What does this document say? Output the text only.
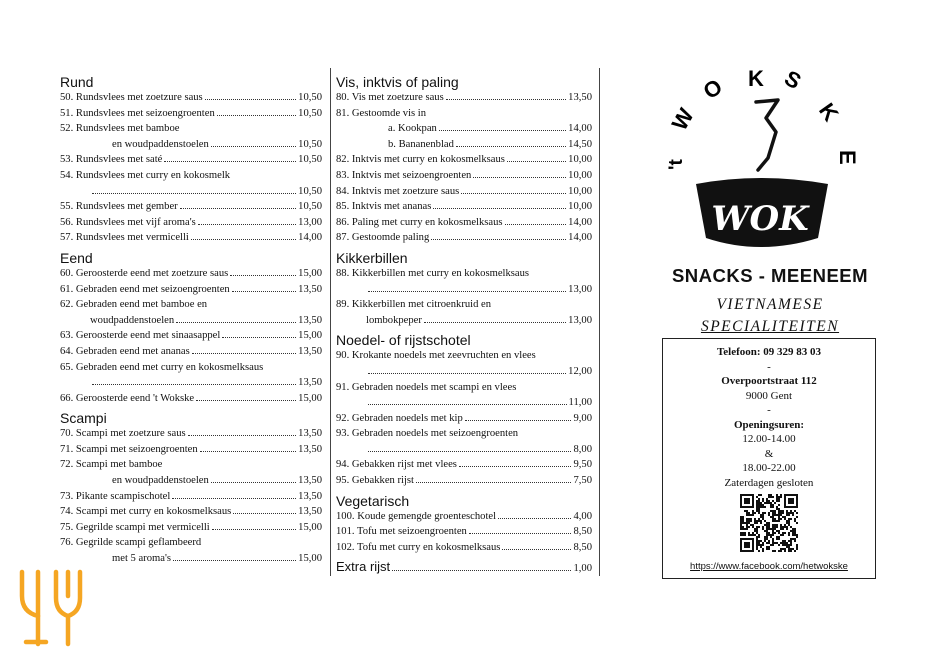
Rund
50. Rundsvlees met zoetzure saus	10,50
51. Rundsvlees met seizoengroenten	10,50
52. Rundsvlees met bamboe
en woudpaddenstoelen	10,50
53. Rundsvlees met saté	10,50
54. Rundsvlees met curry en kokosmelk
10,50
55. Rundsvlees met gember	10,50
56. Rundsvlees met vijf aroma's	13,00
57. Rundsvlees met vermicelli	14,00
Eend
60. Geroosterde eend met zoetzure saus	15,00
61. Gebraden eend met seizoengroenten	13,50
62. Gebraden eend met bamboe en
woudpaddenstoelen	13,50
63. Geroosterde eend met sinaasappel	15,00
64. Gebraden eend met ananas	13,50
65. Gebraden eend met curry en kokosmelksaus
13,50
66. Geroosterde eend 't Wokske	15,00
Scampi
70. Scampi met zoetzure saus	13,50
71. Scampi met seizoengroenten	13,50
72. Scampi met bamboe
en woudpaddenstoelen	13,50
73. Pikante scampischotel	13,50
74. Scampi met curry en kokosmelksaus	13,50
75. Gegrilde scampi met vermicelli	15,00
76. Gegrilde scampi geflambeerd
met 5 aroma's	15,00
Vis, inktvis of paling
80. Vis met zoetzure saus	13,50
81. Gestoomde vis in
a. Kookpan	14,00
b. Bananenblad	14,50
82. Inktvis met curry en kokosmelksaus	10,00
83. Inktvis met seizoengroenten	10,00
84. Inktvis met zoetzure saus	10,00
85. Inktvis met ananas	10,00
86. Paling met curry en kokosmelksaus	14,00
87. Gestoomde paling	14,00
Kikkerbillen
88. Kikkerbillen met curry en kokosmelksaus
13,00
89. Kikkerbillen met citroenkruid en
lombokpeper	13,00
Noedel- of rijstschotel
90. Krokante noedels met zeevruchten en vlees
12,00
91. Gebraden noedels met scampi en vlees
11,00
92. Gebraden noedels met kip	9,00
93. Gebraden noedels met seizoengroenten
8,00
94. Gebakken rijst met vlees	9,50
95. Gebakken rijst	7,50
Vegetarisch
100. Koude gemengde groenteschotel	4,00
101. Tofu met seizoengroenten	8,50
102. Tofu met curry en kokosmelksaus	8,50
Extra rijst	1,00
't
W
O K S
K
E
WOK
SNACKS - MEENEEM
VIETNAMESE
SPECIALITEITEN
Telefoon: 09 329 83 03
-
Overpoortstraat 112
9000 Gent
-
Openingsuren:
12.00-14.00
&
18.00-22.00
Zaterdagen gesloten
https://www.facebook.com/hetwokske
